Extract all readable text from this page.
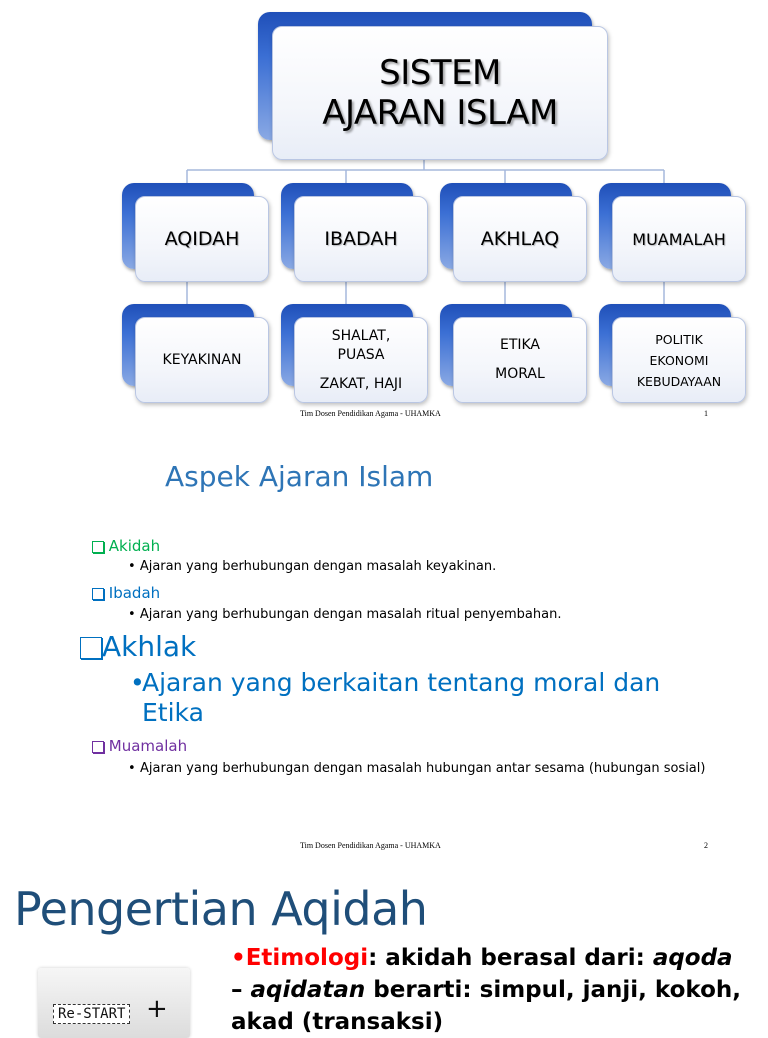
SISTEM
AJARAN ISLAM
AQIDAH	IBADAH	AKHLAQ	MUAMALAH
KEYAKINAN
SHALAT,
PUASA
ZAKAT, HAJI
ETIKA
MORAL
POLITIK
EKONOMI
KEBUDAYAAN
Tim Dosen Pendidikan Agama - UHAMKA	1
Aspek Ajaran Islam
Akidah
• Ajaran yang berhubungan dengan masalah keyakinan.
Ibadah
• Ajaran yang berhubungan dengan masalah ritual penyembahan.
Akhlak
•
Ajaran yang berkaitan tentang moral dan Etika
Muamalah
• Ajaran yang berhubungan dengan masalah hubungan antar sesama (hubungan sosial)
Tim Dosen Pendidikan Agama - UHAMKA	2
Pengertian Aqidah
Re-START +
•Etimologi: akidah berasal dari: aqoda – aqidatan berarti: simpul, janji, kokoh, akad (transaksi)
